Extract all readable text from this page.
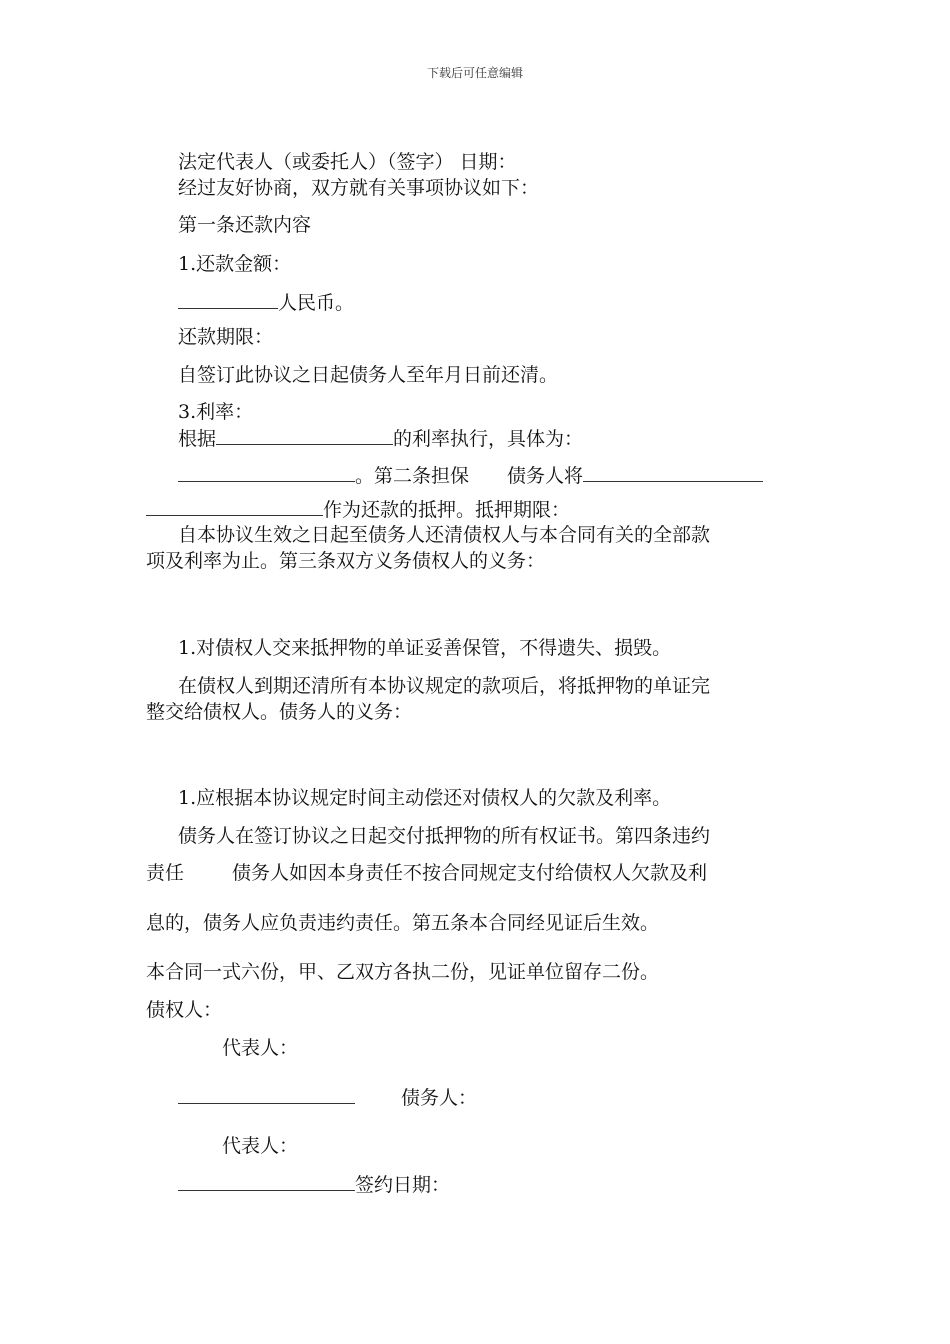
下载后可任意编辑
法定代表人（或委托人）（签字） 日期：
经过友好协商，双方就有关事项协议如下：
第一条还款内容
1.还款金额：
人民币。
还款期限：
自签订此协议之日起债务人至年月日前还清。
3.利率：
根据	的利率执行，具体为：
。第二条担保 债务人将
作为还款的抵押。抵押期限：
自本协议生效之日起至债务人还清债权人与本合同有关的全部款
项及利率为止。第三条双方义务债权人的义务：
1.对债权人交来抵押物的单证妥善保管，不得遗失、损毁。
在债权人到期还清所有本协议规定的款项后，将抵押物的单证完
整交给债权人。债务人的义务：
1.应根据本协议规定时间主动偿还对债权人的欠款及利率。
债务人在签订协议之日起交付抵押物的所有权证书。第四条违约
责任	债务人如因本身责任不按合同规定支付给债权人欠款及利
息的，债务人应负责违约责任。第五条本合同经见证后生效。
本合同一式六份，甲、乙双方各执二份，见证单位留存二份。
债权人：
代表人：
债务人：
代表人：
签约日期：
